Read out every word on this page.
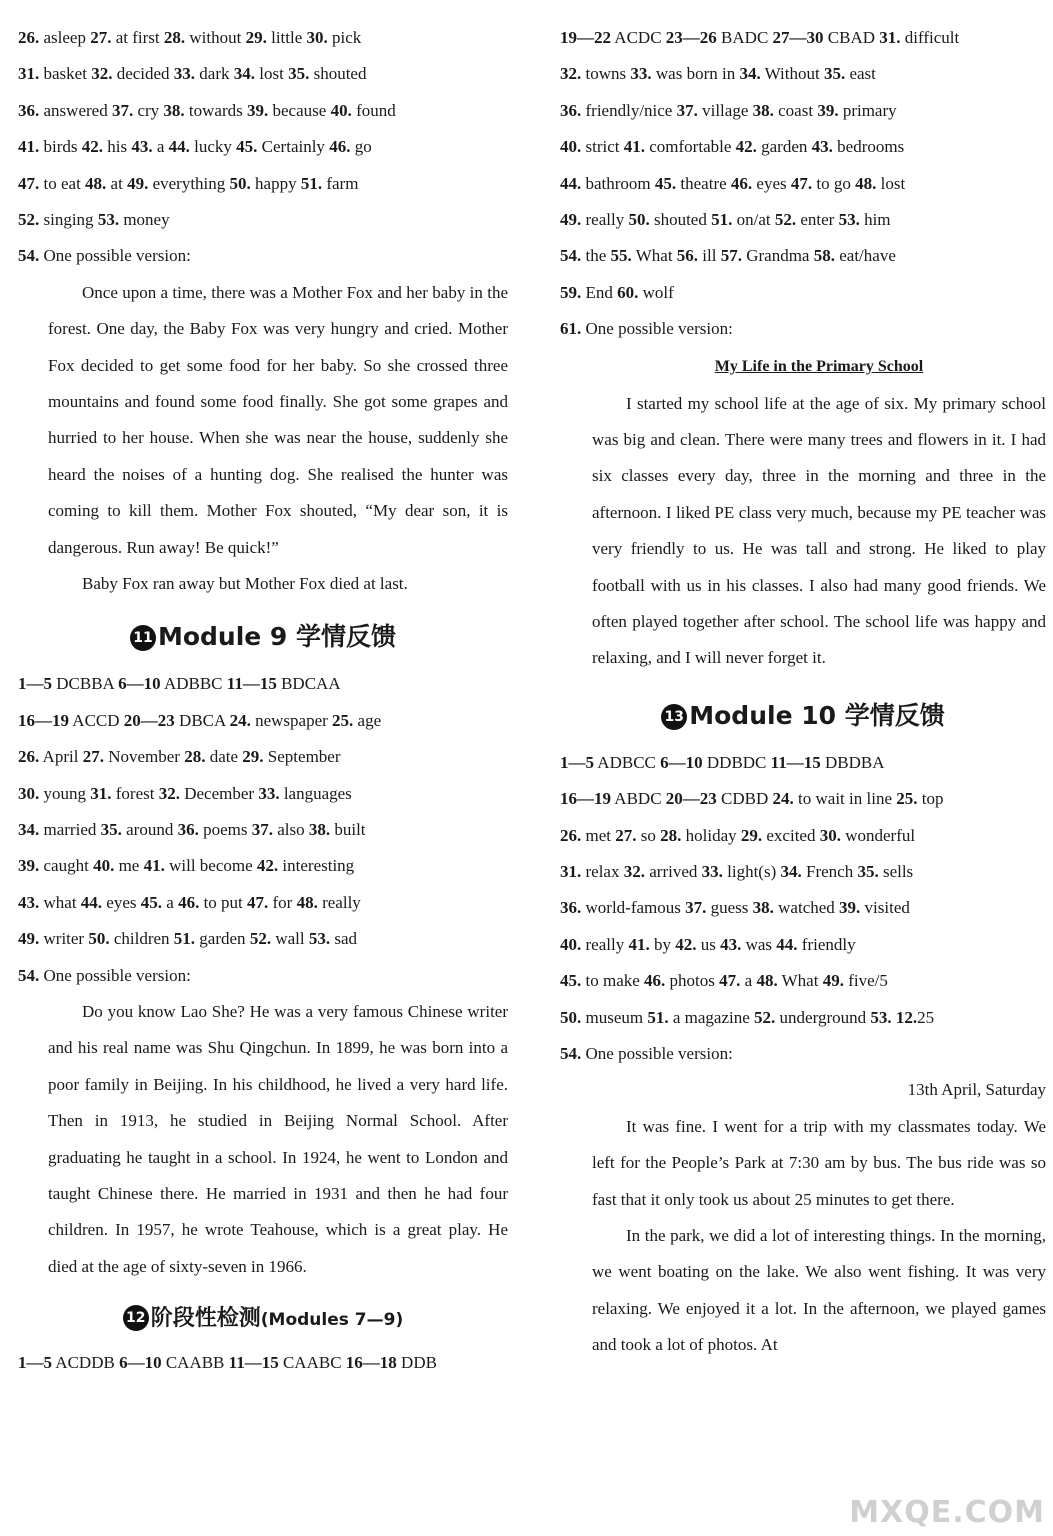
26. asleep 27. at first 28. without 29. little 30. pick
31. basket 32. decided 33. dark 34. lost 35. shouted
36. answered 37. cry 38. towards 39. because 40. found
41. birds 42. his 43. a 44. lucky 45. Certainly 46. go
47. to eat 48. at 49. everything 50. happy 51. farm
52. singing 53. money
54. One possible version:

Once upon a time, there was a Mother Fox and her baby in the forest. One day, the Baby Fox was very hungry and cried. Mother Fox decided to get some food for her baby. So she crossed three mountains and found some food finally. She got some grapes and hurried to her house. When she was near the house, suddenly she heard the noises of a hunting dog. She realised the hunter was coming to kill them. Mother Fox shouted, “My dear son, it is dangerous. Run away! Be quick!”

Baby Fox ran away but Mother Fox died at last.

11 Module 9 学情反馈
1—5 DCBBA 6—10 ADBBC 11—15 BDCAA
16—19 ACCD 20—23 DBCA 24. newspaper 25. age
26. April 27. November 28. date 29. September
30. young 31. forest 32. December 33. languages
34. married 35. around 36. poems 37. also 38. built
39. caught 40. me 41. will become 42. interesting
43. what 44. eyes 45. a 46. to put 47. for 48. really
49. writer 50. children 51. garden 52. wall 53. sad
54. One possible version:

Do you know Lao She? He was a very famous Chinese writer and his real name was Shu Qingchun. In 1899, he was born into a poor family in Beijing. In his childhood, he lived a very hard life. Then in 1913, he studied in Beijing Normal School. After graduating he taught in a school. In 1924, he went to London and taught Chinese there. He married in 1931 and then he had four children. In 1957, he wrote Teahouse, which is a great play. He died at the age of sixty-seven in 1966.

12 阶段性检测(Modules 7—9)
1—5 ACDDB 6—10 CAABB 11—15 CAABC 16—18 DDB
19—22 ACDC 23—26 BADC 27—30 CBAD 31. difficult
32. towns 33. was born in 34. Without 35. east
36. friendly/nice 37. village 38. coast 39. primary
40. strict 41. comfortable 42. garden 43. bedrooms
44. bathroom 45. theatre 46. eyes 47. to go 48. lost
49. really 50. shouted 51. on/at 52. enter 53. him
54. the 55. What 56. ill 57. Grandma 58. eat/have
59. End 60. wolf
61. One possible version:
My Life in the Primary School

I started my school life at the age of six. My primary school was big and clean. There were many trees and flowers in it. I had six classes every day, three in the morning and three in the afternoon. I liked PE class very much, because my PE teacher was very friendly to us. He was tall and strong. He liked to play football with us in his classes. I also had many good friends. We often played together after school. The school life was happy and relaxing, and I will never forget it.

13 Module 10 学情反馈
1—5 ADBCC 6—10 DDBDC 11—15 DBDBA
16—19 ABDC 20—23 CDBD 24. to wait in line 25. top
26. met 27. so 28. holiday 29. excited 30. wonderful
31. relax 32. arrived 33. light(s) 34. French 35. sells
36. world-famous 37. guess 38. watched 39. visited
40. really 41. by 42. us 43. was 44. friendly
45. to make 46. photos 47. a 48. What 49. five/5
50. museum 51. a magazine 52. underground 53. 12.25
54. One possible version:
13th April, Saturday

It was fine. I went for a trip with my classmates today. We left for the People’s Park at 7:30 am by bus. The bus ride was so fast that it only took us about 25 minutes to get there.

In the park, we did a lot of interesting things. In the morning, we went boating on the lake. We also went fishing. It was very relaxing. We enjoyed it a lot. In the afternoon, we played games and took a lot of photos. At

MXQE.COM
